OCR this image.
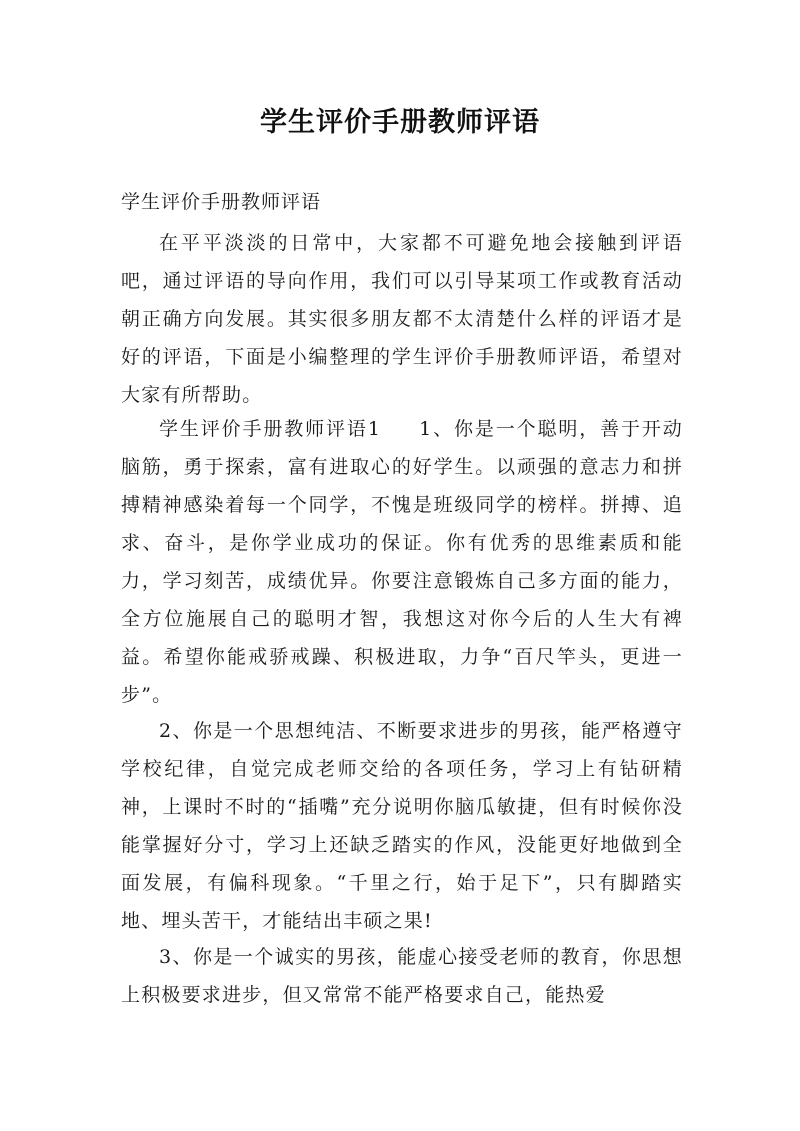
学生评价手册教师评语

学生评价手册教师评语

在平平淡淡的日常中，大家都不可避免地会接触到评语吧，通过评语的导向作用，我们可以引导某项工作或教育活动朝正确方向发展。其实很多朋友都不太清楚什么样的评语才是好的评语，下面是小编整理的学生评价手册教师评语，希望对大家有所帮助。

学生评价手册教师评语1 1、你是一个聪明，善于开动脑筋，勇于探索，富有进取心的好学生。以顽强的意志力和拼搏精神感染着每一个同学，不愧是班级同学的榜样。拼搏、追求、奋斗，是你学业成功的保证。你有优秀的思维素质和能力，学习刻苦，成绩优异。你要注意锻炼自己多方面的能力，全方位施展自己的聪明才智，我想这对你今后的人生大有裨益。希望你能戒骄戒躁、积极进取，力争“百尺竿头，更进一步”。

2、你是一个思想纯洁、不断要求进步的男孩，能严格遵守学校纪律，自觉完成老师交给的各项任务，学习上有钻研精神，上课时不时的“插嘴”充分说明你脑瓜敏捷，但有时候你没能掌握好分寸，学习上还缺乏踏实的作风，没能更好地做到全面发展，有偏科现象。“千里之行，始于足下”，只有脚踏实地、埋头苦干，才能结出丰硕之果!

3、你是一个诚实的男孩，能虚心接受老师的教育，你思想上积极要求进步，但又常常不能严格要求自己，能热爱
